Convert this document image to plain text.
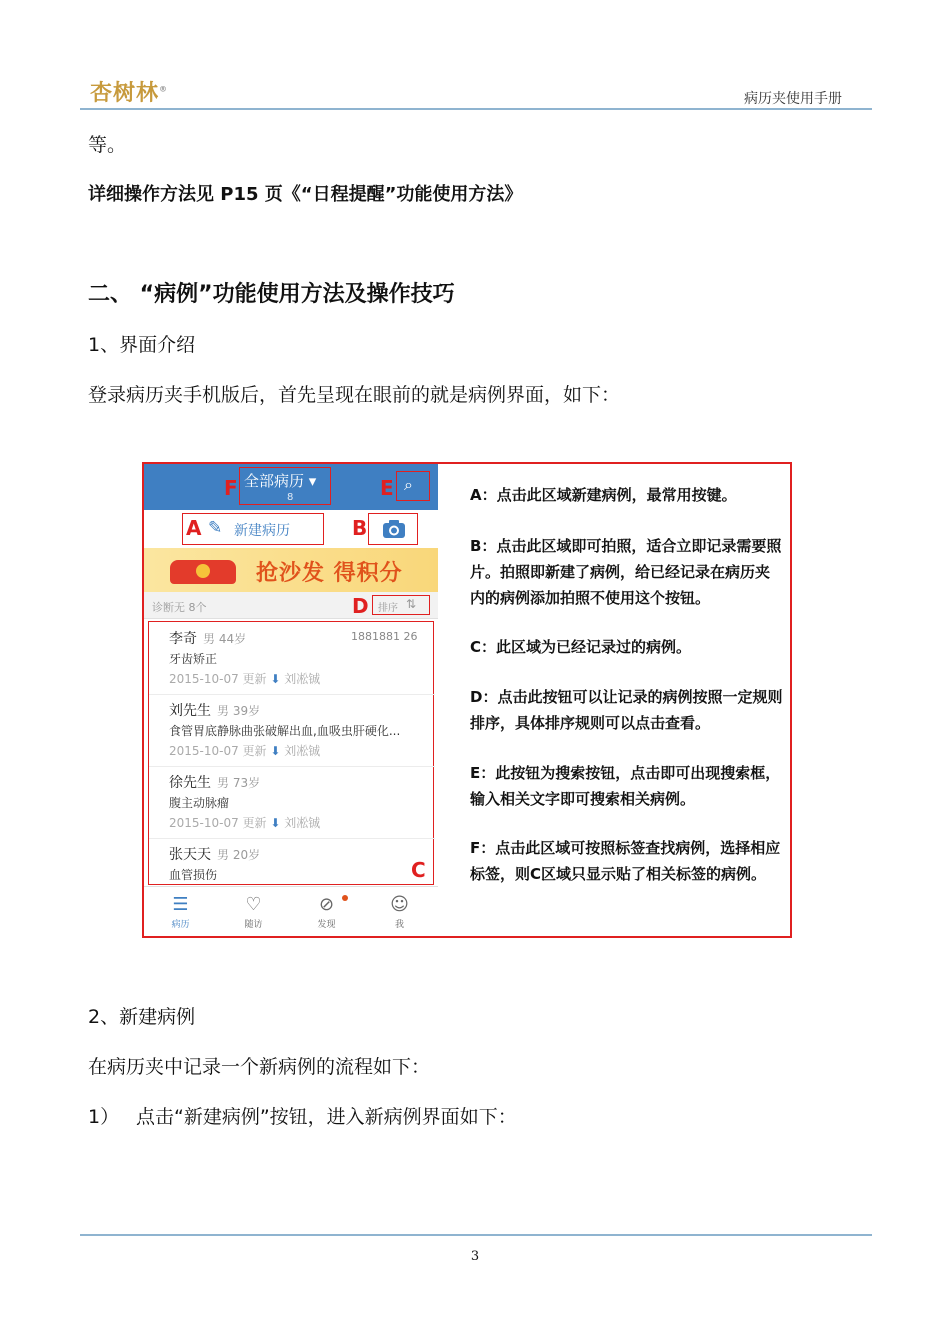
杏树林®
病历夹使用手册
等。
详细操作方法见 P15 页《“日程提醒”功能使用方法》
二、 “病例”功能使用方法及操作技巧
1、界面介绍
登录病历夹手机版后，首先呈现在眼前的就是病例界面，如下：
F 全部病历 ▾
8	E ⌕
A ✎ 新建病历	B
抢沙发 得积分
诊断无 8个	D 排序 ⇅
李奇 男 44岁	1881881 26
牙齿矫正
2015-10-07 更新 ⬇ 刘凇铖
刘先生 男 39岁
食管胃底静脉曲张破解出血,血吸虫肝硬化...
2015-10-07 更新 ⬇ 刘凇铖
徐先生 男 73岁
腹主动脉瘤
2015-10-07 更新 ⬇ 刘凇铖
张天天 男 20岁
血管损伤	C
☰
病历
♡
随访
⊘
发现
☺
我
A：点击此区域新建病例，最常用按键。
B：点击此区域即可拍照，适合立即记录需要照片。拍照即新建了病例，给已经记录在病历夹内的病例添加拍照不使用这个按钮。
C：此区域为已经记录过的病例。
D：点击此按钮可以让记录的病例按照一定规则排序，具体排序规则可以点击查看。
E：此按钮为搜索按钮，点击即可出现搜索框，输入相关文字即可搜索相关病例。
F：点击此区域可按照标签查找病例，选择相应标签，则C区域只显示贴了相关标签的病例。
2、新建病例
在病历夹中记录一个新病例的流程如下：
1） 点击“新建病例”按钮，进入新病例界面如下：
3
